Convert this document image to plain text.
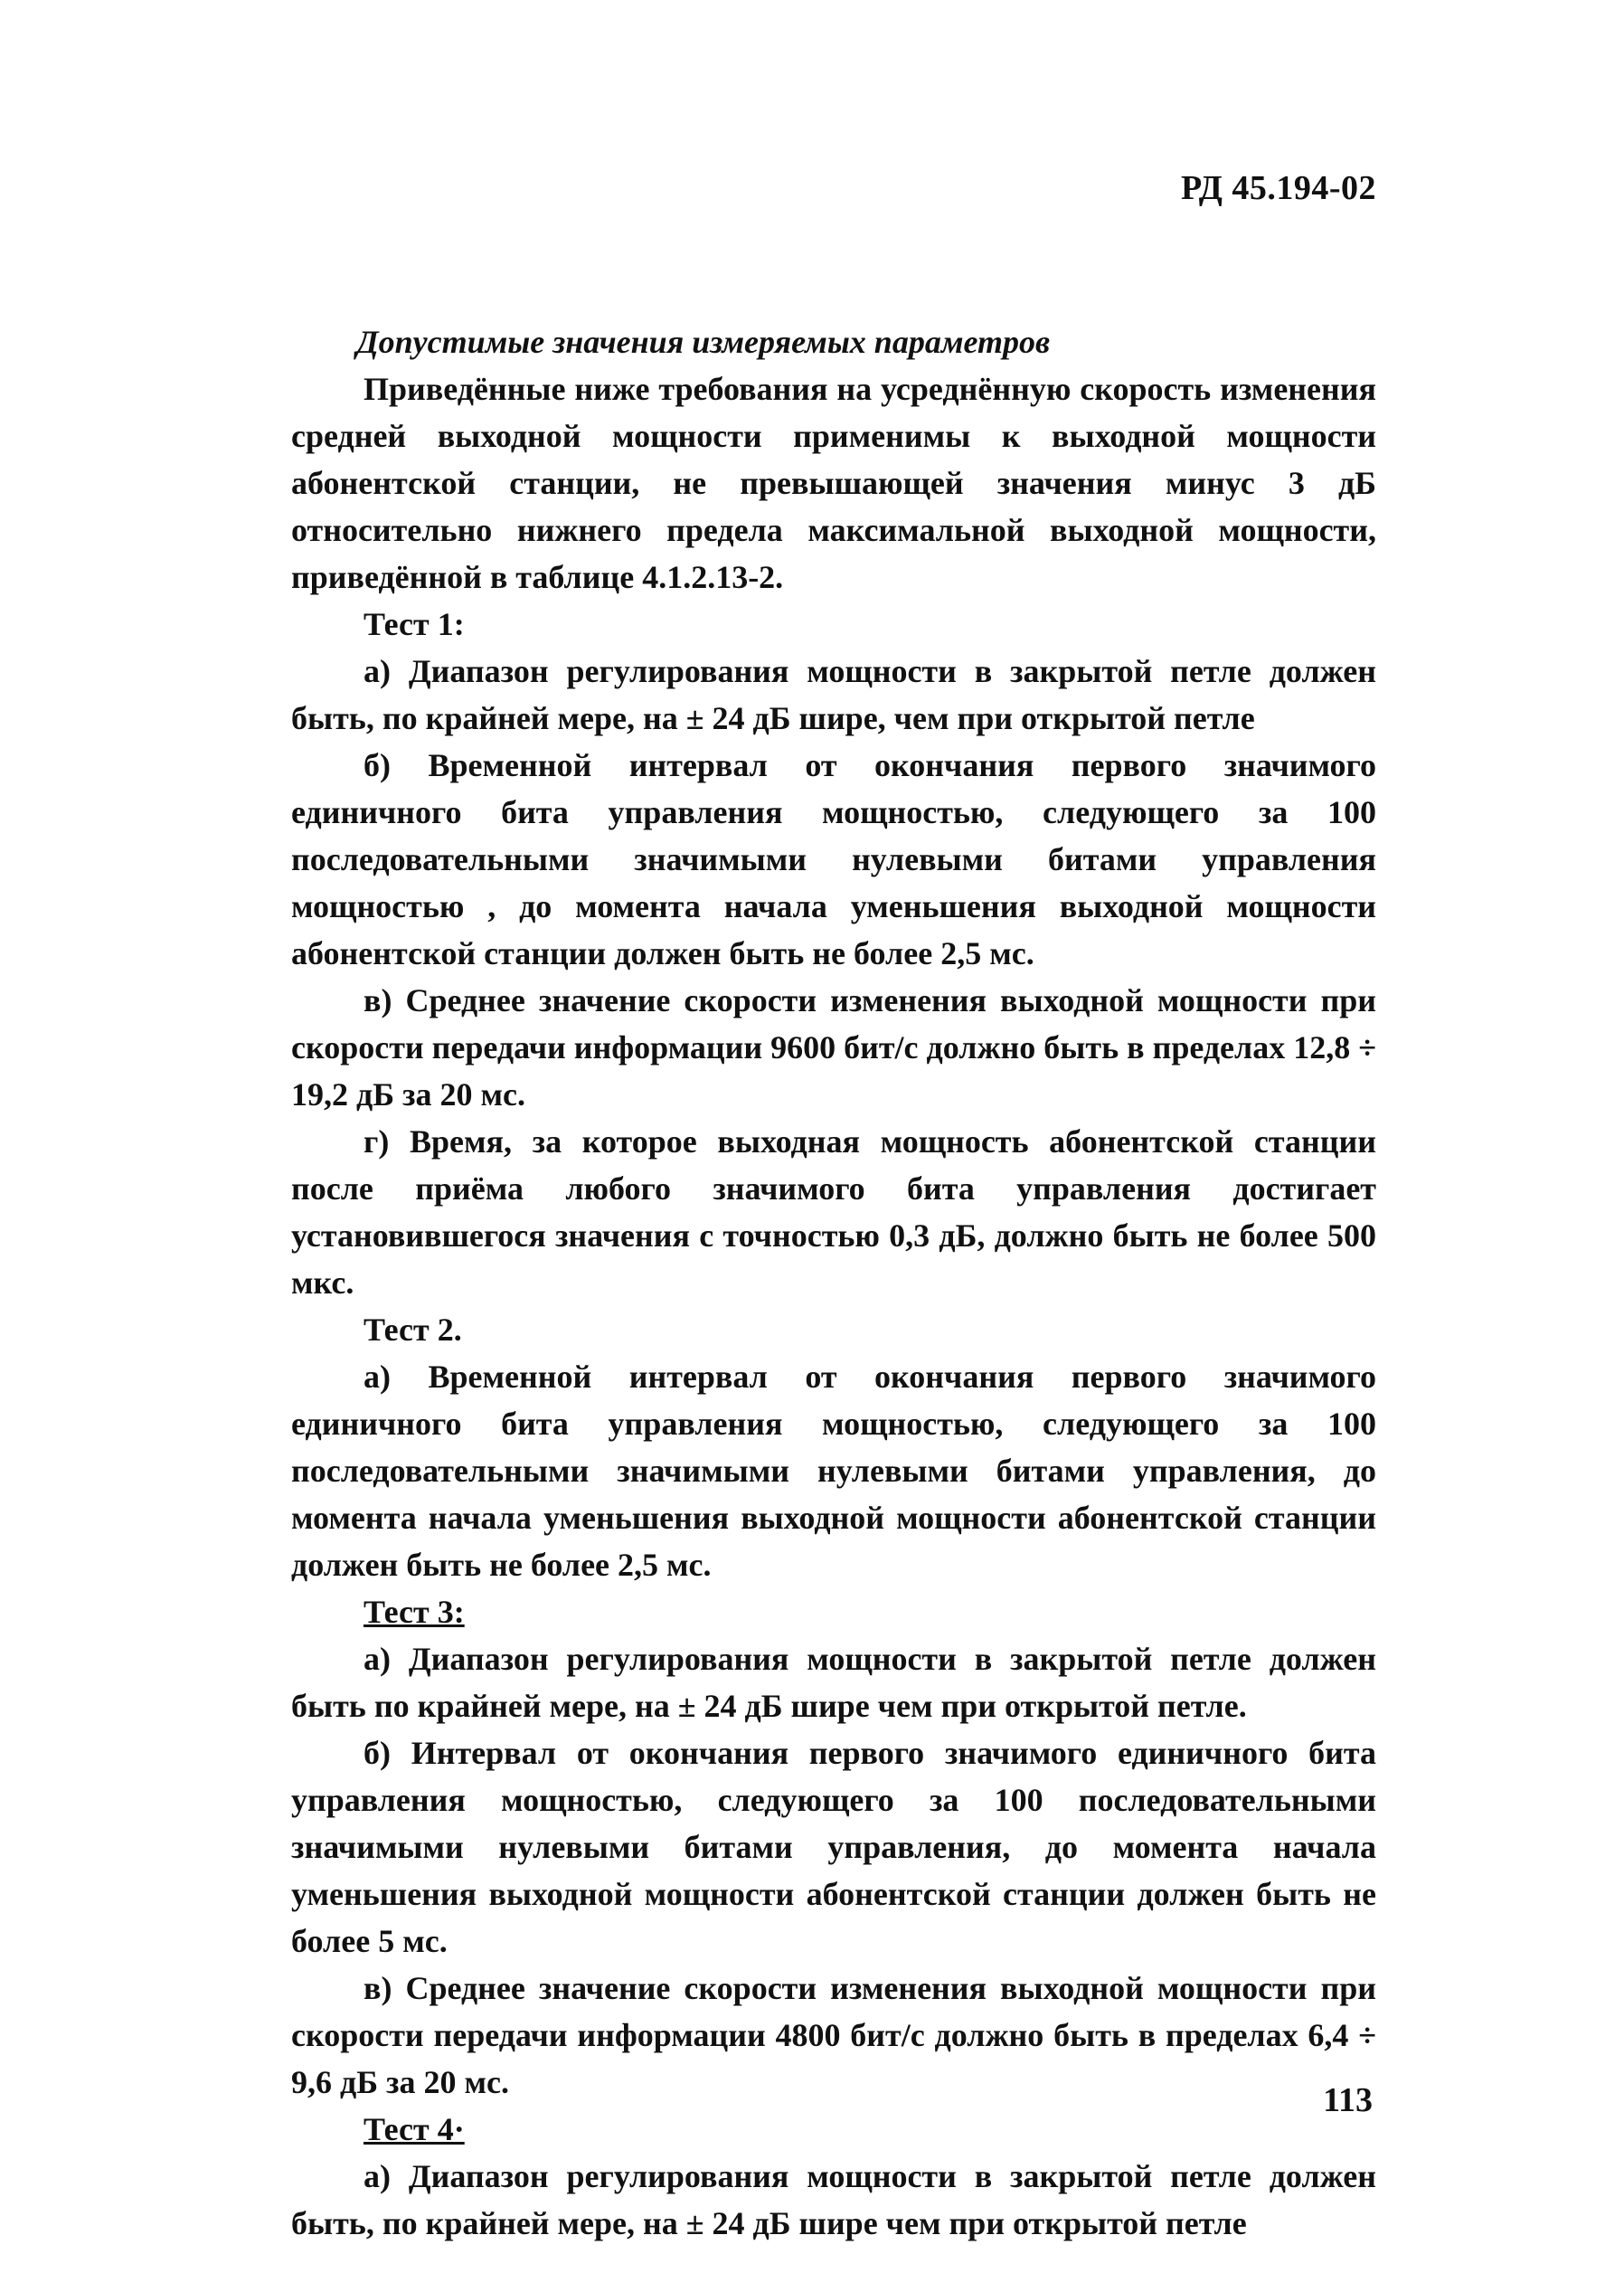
РД 45.194-02

Допустимые значения измеряемых параметров

Приведённые ниже требования на усреднённую скорость изменения средней выходной мощности применимы к выходной мощности абонентской станции, не превышающей значения минус 3 дБ относительно нижнего предела максимальной выходной мощности, приведённой в таблице 4.1.2.13-2.

Тест 1:

а) Диапазон регулирования мощности в закрытой петле должен быть, по крайней мере, на ± 24 дБ шире, чем при открытой петле

б) Временной интервал от окончания первого значимого единичного бита управления мощностью, следующего за 100 последовательными значимыми нулевыми битами управления мощностью , до момента начала уменьшения выходной мощности абонентской станции должен быть не более 2,5 мс.

в) Среднее значение скорости изменения выходной мощности при скорости передачи информации 9600 бит/с должно быть в пределах 12,8 ÷ 19,2 дБ за 20 мс.

г) Время, за которое выходная мощность абонентской станции после приёма любого значимого бита управления достигает установившегося значения с точностью 0,3 дБ, должно быть не более 500 мкс.

Тест 2.

а) Временной интервал от окончания первого значимого единичного бита управления мощностью, следующего за 100 последовательными значимыми нулевыми битами управления, до момента начала уменьшения выходной мощности абонентской станции должен быть не более 2,5 мс.

Тест 3:

а) Диапазон регулирования мощности в закрытой петле должен быть по крайней мере, на ± 24 дБ шире чем при открытой петле.

б) Интервал от окончания первого значимого единичного бита управления мощностью, следующего за 100 последовательными значимыми нулевыми битами управления, до момента начала уменьшения выходной мощности абонентской станции должен быть не более 5 мс.

в) Среднее значение скорости изменения выходной мощности при скорости передачи информации 4800 бит/с должно быть в пределах 6,4 ÷ 9,6 дБ за 20 мс.

Тест 4·

а) Диапазон регулирования мощности в закрытой петле должен быть, по крайней мере, на ± 24 дБ шире чем при открытой петле

113
